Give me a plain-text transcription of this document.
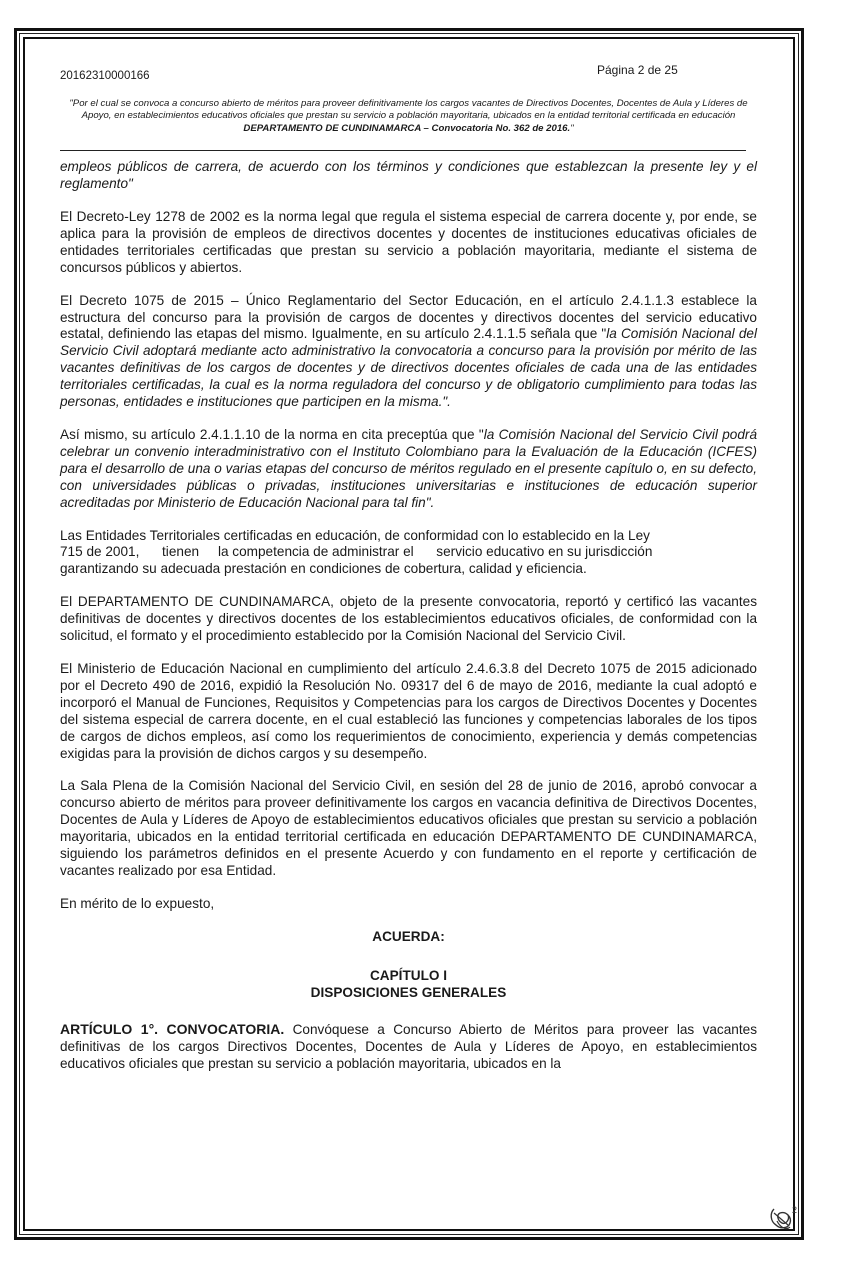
20162310000166	Página 2 de 25
"Por el cual se convoca a concurso abierto de méritos para proveer definitivamente los cargos vacantes de Directivos Docentes, Docentes de Aula y Líderes de Apoyo, en establecimientos educativos oficiales que prestan su servicio a población mayoritaria, ubicados en la entidad territorial certificada en educación DEPARTAMENTO DE CUNDINAMARCA – Convocatoria No. 362 de 2016."

empleos públicos de carrera, de acuerdo con los términos y condiciones que establezcan la presente ley y el reglamento"

El Decreto-Ley 1278 de 2002 es la norma legal que regula el sistema especial de carrera docente y, por ende, se aplica para la provisión de empleos de directivos docentes y docentes de instituciones educativas oficiales de entidades territoriales certificadas que prestan su servicio a población mayoritaria, mediante el sistema de concursos públicos y abiertos.

El Decreto 1075 de 2015 – Único Reglamentario del Sector Educación, en el artículo 2.4.1.1.3 establece la estructura del concurso para la provisión de cargos de docentes y directivos docentes del servicio educativo estatal, definiendo las etapas del mismo. Igualmente, en su artículo 2.4.1.1.5 señala que "la Comisión Nacional del Servicio Civil adoptará mediante acto administrativo la convocatoria a concurso para la provisión por mérito de las vacantes definitivas de los cargos de docentes y de directivos docentes oficiales de cada una de las entidades territoriales certificadas, la cual es la norma reguladora del concurso y de obligatorio cumplimiento para todas las personas, entidades e instituciones que participen en la misma.".

Así mismo, su artículo 2.4.1.1.10 de la norma en cita preceptúa que "la Comisión Nacional del Servicio Civil podrá celebrar un convenio interadministrativo con el Instituto Colombiano para la Evaluación de la Educación (ICFES) para el desarrollo de una o varias etapas del concurso de méritos regulado en el presente capítulo o, en su defecto, con universidades públicas o privadas, instituciones universitarias e instituciones de educación superior acreditadas por Ministerio de Educación Nacional para tal fin".

Las Entidades Territoriales certificadas en educación, de conformidad con lo establecido en la Ley
715 de 2001,      tienen     la competencia de administrar el      servicio educativo en su jurisdicción
garantizando su adecuada prestación en condiciones de cobertura, calidad y eficiencia.

El DEPARTAMENTO DE CUNDINAMARCA, objeto de la presente convocatoria, reportó y certificó las vacantes definitivas de docentes y directivos docentes de los establecimientos educativos oficiales, de conformidad con la solicitud, el formato y el procedimiento establecido por la Comisión Nacional del Servicio Civil.

El Ministerio de Educación Nacional en cumplimiento del artículo 2.4.6.3.8 del Decreto 1075 de 2015 adicionado por el Decreto 490 de 2016, expidió la Resolución No. 09317 del 6 de mayo de 2016, mediante la cual adoptó e incorporó el Manual de Funciones, Requisitos y Competencias para los cargos de Directivos Docentes y Docentes del sistema especial de carrera docente, en el cual estableció las funciones y competencias laborales de los tipos de cargos de dichos empleos, así como los requerimientos de conocimiento, experiencia y demás competencias exigidas para la provisión de dichos cargos y su desempeño.

La Sala Plena de la Comisión Nacional del Servicio Civil, en sesión del 28 de junio de 2016, aprobó convocar a concurso abierto de méritos para proveer definitivamente los cargos en vacancia definitiva de Directivos Docentes, Docentes de Aula y Líderes de Apoyo de establecimientos educativos oficiales que prestan su servicio a población mayoritaria, ubicados en la entidad territorial certificada en educación DEPARTAMENTO DE CUNDINAMARCA, siguiendo los parámetros definidos en el presente Acuerdo y con fundamento en el reporte y certificación de vacantes realizado por esa Entidad.

En mérito de lo expuesto,

ACUERDA:

CAPÍTULO I

DISPOSICIONES GENERALES

ARTÍCULO 1°. CONVOCATORIA. Convóquese a Concurso Abierto de Méritos para proveer las vacantes definitivas de los cargos Directivos Docentes, Docentes de Aula y Líderes de Apoyo, en establecimientos educativos oficiales que prestan su servicio a población mayoritaria, ubicados en la

2
